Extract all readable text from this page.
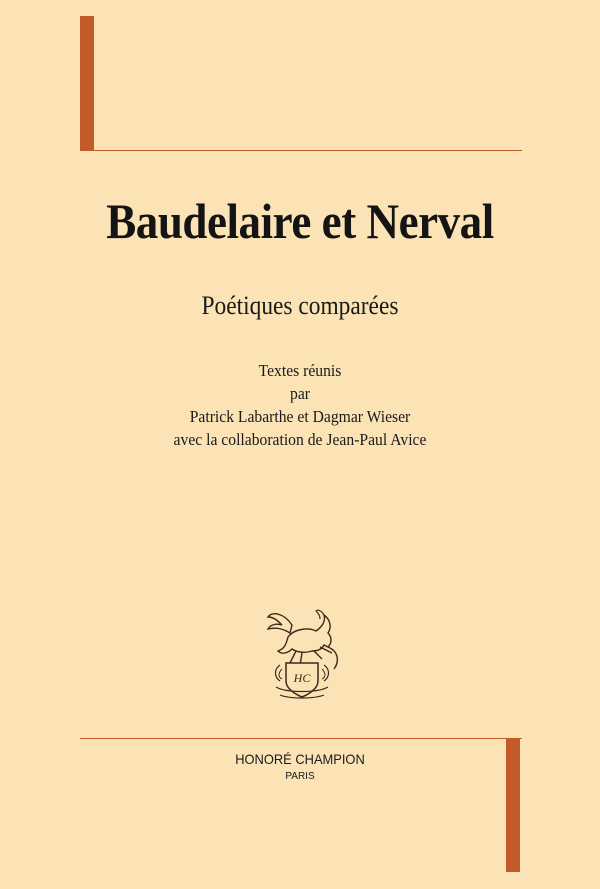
Baudelaire et Nerval
Poétiques comparées
Textes réunis
par
Patrick Labarthe et Dagmar Wieser
avec la collaboration de Jean-Paul Avice
HC
HONORÉ CHAMPION
PARIS
